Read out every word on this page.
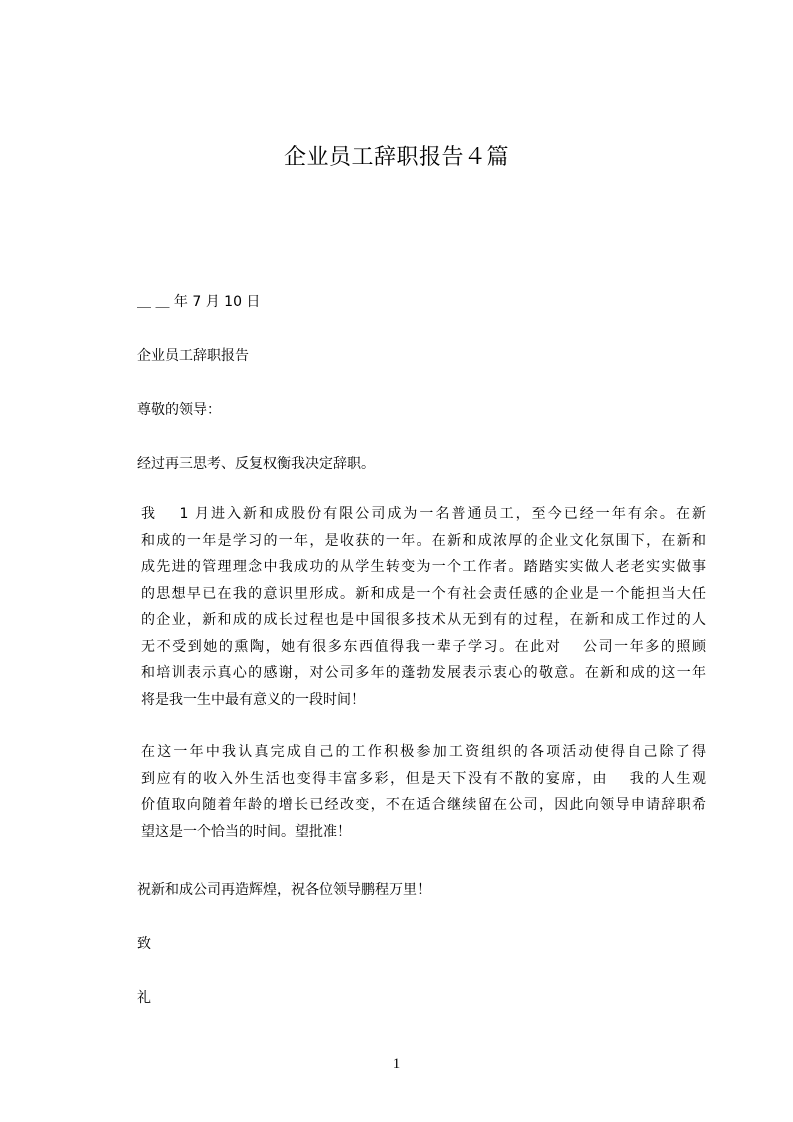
企业员工辞职报告４篇
＿ ＿ 年 7 月 10 日
企业员工辞职报告
尊敬的领导：
经过再三思考、反复权衡我决定辞职。
我　 1 月进入新和成股份有限公司成为一名普通员工，至今已经一年有余。在新
和成的一年是学习的一年，是收获的一年。在新和成浓厚的企业文化氛围下，在新和
成先进的管理理念中我成功的从学生转变为一个工作者。踏踏实实做人老老实实做事
的思想早已在我的意识里形成。新和成是一个有社会责任感的企业是一个能担当大任
的企业，新和成的成长过程也是中国很多技术从无到有的过程，在新和成工作过的人
无不受到她的熏陶，她有很多东西值得我一辈子学习。在此对　 公司一年多的照顾
和培训表示真心的感谢，对公司多年的蓬勃发展表示衷心的敬意。在新和成的这一年
将是我一生中最有意义的一段时间！
在这一年中我认真完成自己的工作积极参加工资组织的各项活动使得自己除了得
到应有的收入外生活也变得丰富多彩，但是天下没有不散的宴席，由　 我的人生观
价值取向随着年龄的增长已经改变，不在适合继续留在公司，因此向领导申请辞职希
望这是一个恰当的时间。望批准！
祝新和成公司再造辉煌，祝各位领导鹏程万里！
致
礼
1
